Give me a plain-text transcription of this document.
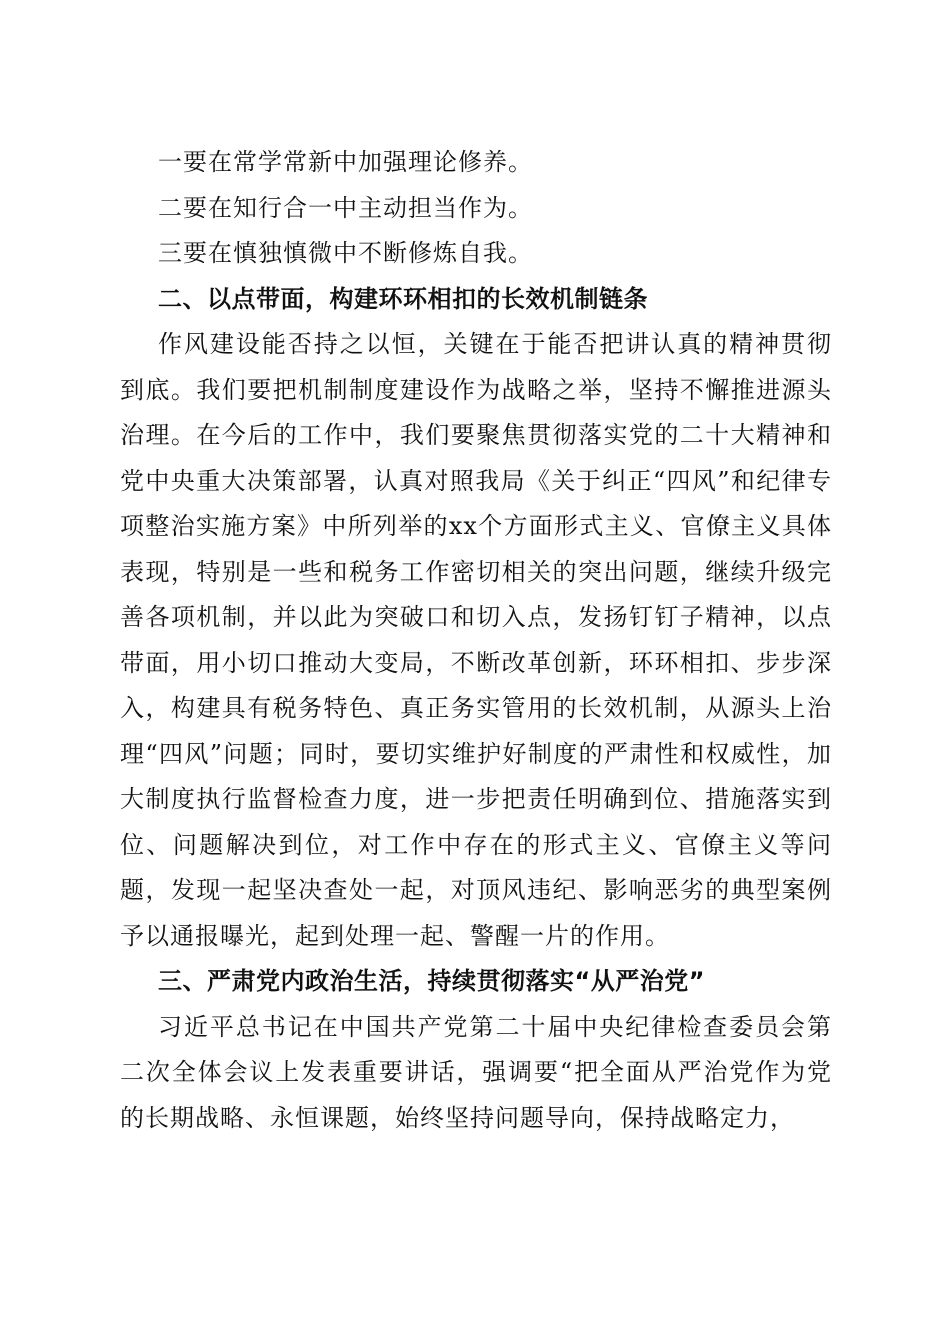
一要在常学常新中加强理论修养。

二要在知行合一中主动担当作为。

三要在慎独慎微中不断修炼自我。

二、以点带面，构建环环相扣的长效机制链条

作风建设能否持之以恒，关键在于能否把讲认真的精神贯彻到底。我们要把机制制度建设作为战略之举，坚持不懈推进源头治理。在今后的工作中，我们要聚焦贯彻落实党的二十大精神和党中央重大决策部署，认真对照我局《关于纠正“四风”和纪律专项整治实施方案》中所列举的xx个方面形式主义、官僚主义具体表现，特别是一些和税务工作密切相关的突出问题，继续升级完善各项机制，并以此为突破口和切入点，发扬钉钉子精神，以点带面，用小切口推动大变局，不断改革创新，环环相扣、步步深入，构建具有税务特色、真正务实管用的长效机制，从源头上治理“四风”问题；同时，要切实维护好制度的严肃性和权威性，加大制度执行监督检查力度，进一步把责任明确到位、措施落实到位、问题解决到位，对工作中存在的形式主义、官僚主义等问题，发现一起坚决查处一起，对顶风违纪、影响恶劣的典型案例予以通报曝光，起到处理一起、警醒一片的作用。

三、严肃党内政治生活，持续贯彻落实“从严治党”

习近平总书记在中国共产党第二十届中央纪律检查委员会第二次全体会议上发表重要讲话，强调要“把全面从严治党作为党的长期战略、永恒课题，始终坚持问题导向，保持战略定力，
